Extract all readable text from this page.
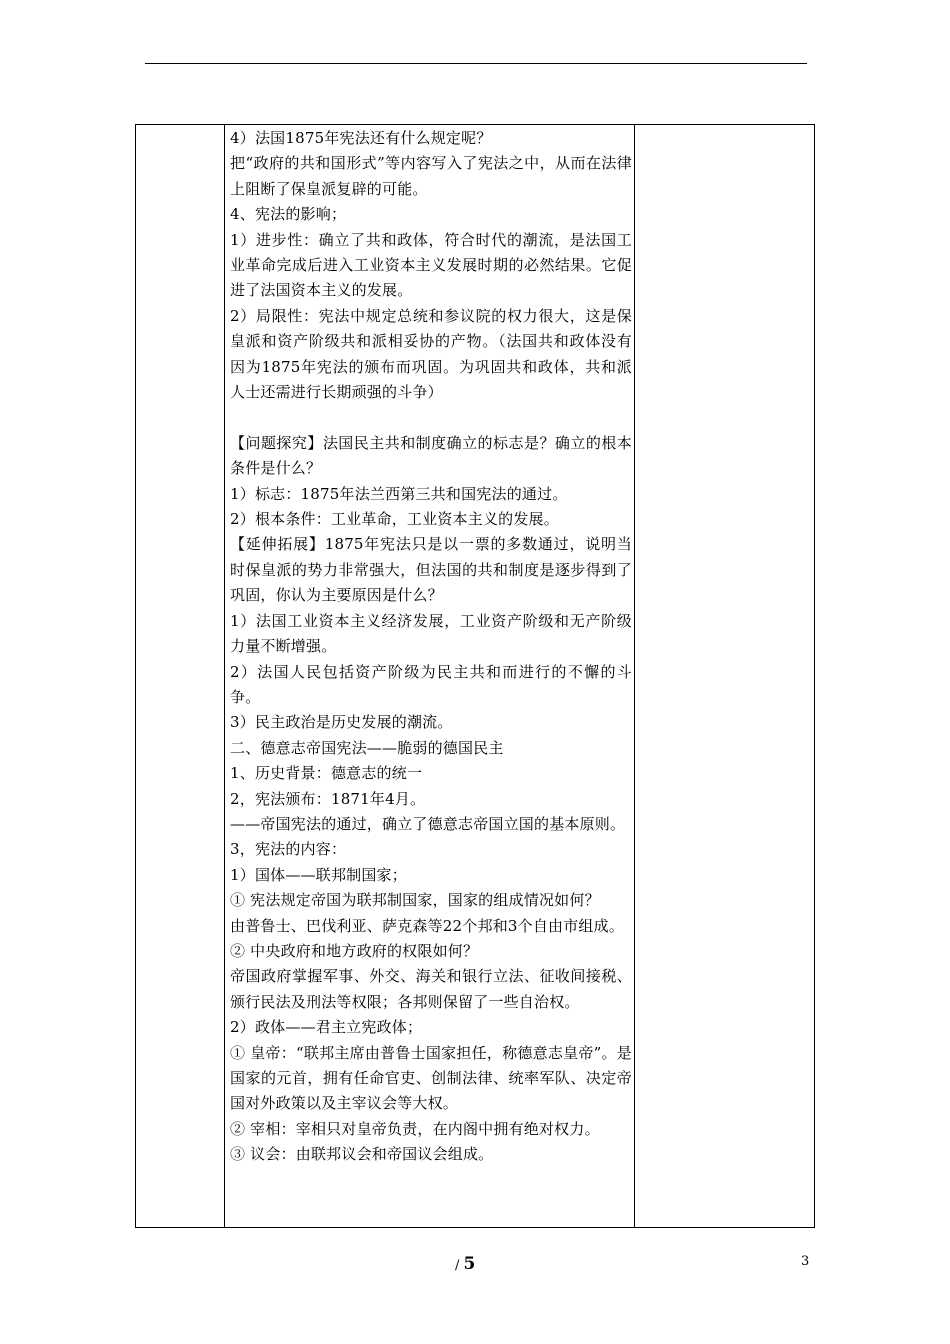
4）法国1875年宪法还有什么规定呢？

把“政府的共和国形式”等内容写入了宪法之中，从而在法律上阻断了保皇派复辟的可能。

4、宪法的影响；

1）进步性：确立了共和政体，符合时代的潮流，是法国工业革命完成后进入工业资本主义发展时期的必然结果。它促进了法国资本主义的发展。

2）局限性：宪法中规定总统和参议院的权力很大，这是保皇派和资产阶级共和派相妥协的产物。（法国共和政体没有因为1875年宪法的颁布而巩固。为巩固共和政体，共和派人士还需进行长期顽强的斗争）

【问题探究】法国民主共和制度确立的标志是？确立的根本条件是什么？

1）标志：1875年法兰西第三共和国宪法的通过。

2）根本条件：工业革命，工业资本主义的发展。

【延伸拓展】1875年宪法只是以一票的多数通过，说明当时保皇派的势力非常强大，但法国的共和制度是逐步得到了巩固，你认为主要原因是什么？

1）法国工业资本主义经济发展，工业资产阶级和无产阶级力量不断增强。

2）法国人民包括资产阶级为民主共和而进行的不懈的斗争。

3）民主政治是历史发展的潮流。

二、德意志帝国宪法——脆弱的德国民主

1、历史背景：德意志的统一

2，宪法颁布：1871年4月。

——帝国宪法的通过，确立了德意志帝国立国的基本原则。

3，宪法的内容：

1）国体——联邦制国家；

① 宪法规定帝国为联邦制国家，国家的组成情况如何？

由普鲁士、巴伐利亚、萨克森等22个邦和3个自由市组成。

② 中央政府和地方政府的权限如何？

帝国政府掌握军事、外交、海关和银行立法、征收间接税、颁行民法及刑法等权限；各邦则保留了一些自治权。

2）政体——君主立宪政体；

① 皇帝：“联邦主席由普鲁士国家担任，称德意志皇帝”。是国家的元首，拥有任命官吏、创制法律、统率军队、决定帝国对外政策以及主宰议会等大权。

② 宰相：宰相只对皇帝负责，在内阁中拥有绝对权力。

③ 议会：由联邦议会和帝国议会组成。

/ 5	3
